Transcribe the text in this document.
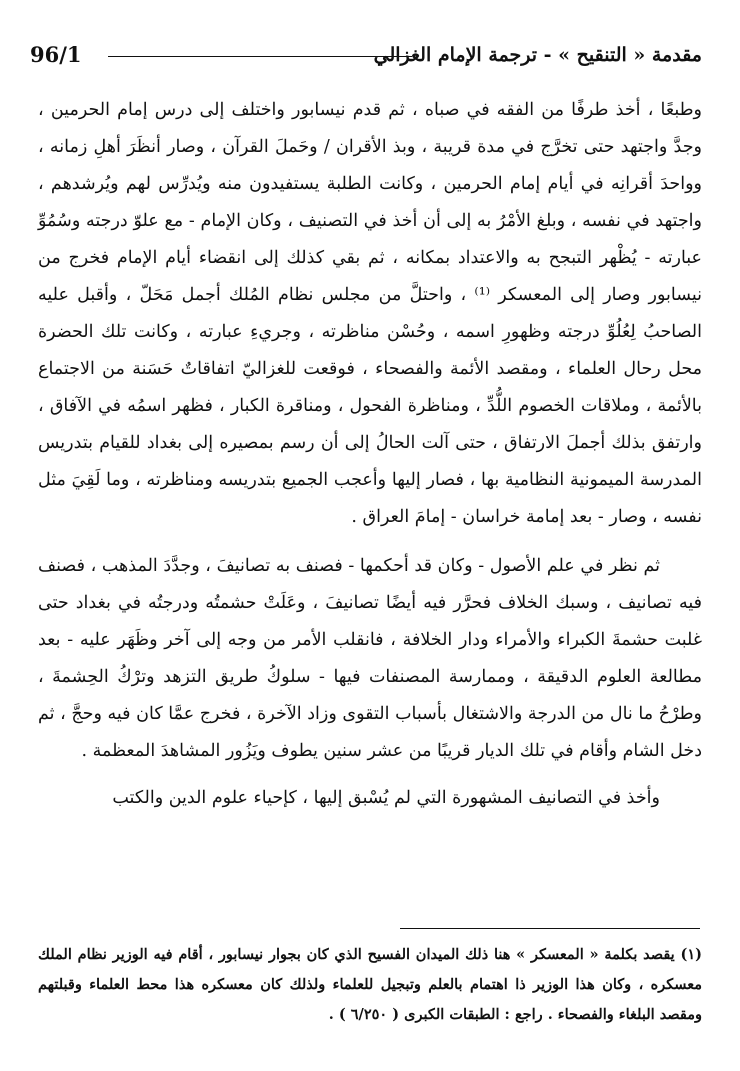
مقدمة « التنقيح » - ترجمة الإمام الغزالي
96/1

وطبعًا ، أخذ طرفًا من الفقه في صباه ، ثم قدم نيسابور واختلف إلى درس إمام الحرمين ، وجدَّ واجتهد حتى تخرَّج في مدة قريبة ، وبذ الأقران / وحَملَ القرآن ، وصار أنظَرَ أهلِ زمانه ، وواحدَ أقرانِه في أيام إمام الحرمين ، وكانت الطلبة يستفيدون منه ويُدرِّس لهم ويُرشدهم ، واجتهد في نفسه ، وبلغ الأمْرُ به إلى أن أخذ في التصنيف ، وكان الإمام - مع علوّ درجته وسُمُوِّ عبارته - يُظْهر التبجح به والاعتداد بمكانه ، ثم بقي كذلك إلى انقضاء أيام الإمام فخرج من نيسابور وصار إلى المعسكر ⁽¹⁾ ، واحتلَّ من مجلس نظام المُلك أجمل مَحَلّ ، وأقبل عليه الصاحبُ لِعُلُوِّ درجته وظهورِ اسمه ، وحُسْن مناظرته ، وجريءِ عبارته ، وكانت تلك الحضرة محل رحال العلماء ، ومقصد الأئمة والفصحاء ، فوقعت للغزاليّ اتفاقاتٌ حَسَنة من الاجتماع بالأئمة ، وملاقات الخصوم اللُّدِّ ، ومناظرة الفحول ، ومناقرة الكبار ، فظهر اسمُه في الآفاق ، وارتفق بذلك أجملَ الارتفاق ، حتى آلت الحالُ إلى أن رسم بمصيره إلى بغداد للقيام بتدريس المدرسة الميمونية النظامية بها ، فصار إليها وأعجب الجميع بتدريسه ومناظرته ، وما لَقِيَ مثل نفسه ، وصار - بعد إمامة خراسان - إمامَ العراق .

ثم نظر في علم الأصول - وكان قد أحكمها - فصنف به تصانيفَ ، وجدَّدَ المذهب ، فصنف فيه تصانيف ، وسبك الخلاف فحرَّر فيه أيضًا تصانيفَ ، وعَلَتْ حشمتُه ودرجتُه في بغداد حتى غلبت حشمةَ الكبراء والأمراء ودار الخلافة ، فانقلب الأمر من وجه إلى آخر وظَهَر عليه - بعد مطالعة العلوم الدقيقة ، وممارسة المصنفات فيها - سلوكُ طريق التزهد وترْكُ الحِشمةَ ، وطرْحُ ما نال من الدرجة والاشتغال بأسباب التقوى وزاد الآخرة ، فخرج عمَّا كان فيه وحجَّ ، ثم دخل الشام وأقام في تلك الديار قريبًا من عشر سنين يطوف ويَزُور المشاهدَ المعظمة .

وأخذ في التصانيف المشهورة التي لم يُسْبق إليها ، كإحياء علوم الدين والكتب

(١) يقصد بكلمة « المعسكر » هنا ذلك الميدان الفسيح الذي كان بجوار نيسابور ، أقام فيه الوزير نظام الملك معسكره ، وكان هذا الوزير ذا اهتمام بالعلم وتبجيل للعلماء ولذلك كان معسكره هذا محط العلماء وقبلتهم ومقصد البلغاء والفصحاء . راجع : الطبقات الكبرى ( ٦/٢٥٠ ) .
